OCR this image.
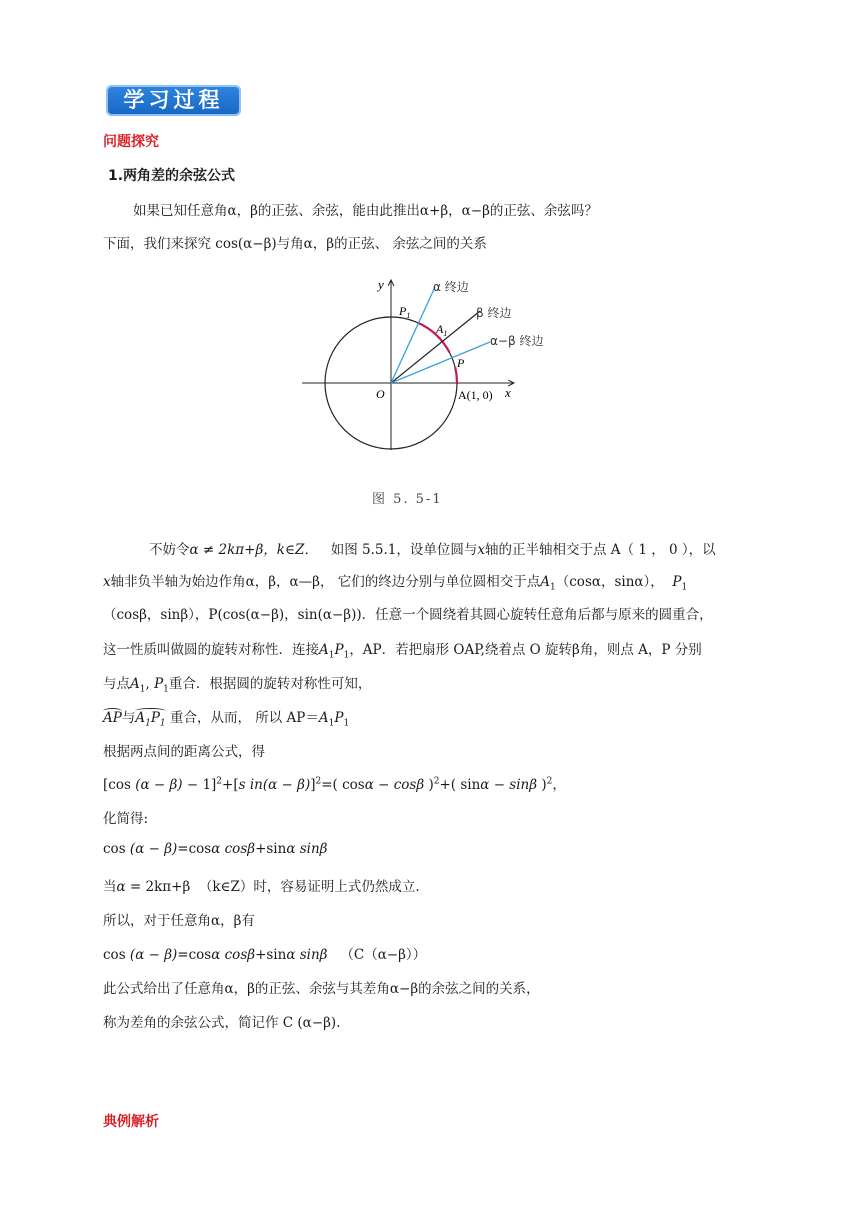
学习过程
问题探究
1.两角差的余弦公式
如果已知任意角α，β的正弦、余弦，能由此推出α+β，α−β的正弦、余弦吗？
下面，我们来探究 cos(α−β)与角α，β的正弦、 余弦之间的关系
y
x
O	A(1, 0)
$P_1$
$A_1$
P
α 终边
β 终边
α−β 终边
图 5. 5-1
不妨令α ≠ 2kπ+β，k∈Z． 如图 5.5.1，设单位圆与x轴的正半轴相交于点 A（ 1 ， 0 ），以
x轴非负半轴为始边作角α，β，α—β， 它们的终边分别与单位圆相交于点$A_1(\cos\alpha$，sinα）， $P_1$
（cosβ，sinβ），P(cos(α−β)，sin(α−β))．任意一个圆绕着其圆心旋转任意角后都与原来的圆重合，
这一性质叫做圆的旋转对称性．连接$A_1P_1$，AP．若把扇形 OAP,绕着点 O 旋转β角，则点 A，P 分别
与点$A_1$, $P_1$重合．根据圆的旋转对称性可知，
AP与$A_1P_1$ 重合，从而， 所以 $AP=A_1P_1$
根据两点间的距离公式，得
[cos (α − β) − 1]$^2$+[s in(α − β)]$^2$=( cosα − cosβ )$^2$+( sinα − sinβ )$^2$，
化简得:
cos (α − β)=cosα cosβ+sinα sinβ
当α = 2kπ+β  （k∈Z）时，容易证明上式仍然成立.
所以，对于任意角α，β有
cos (α − β)=cosα cosβ+sinα sinβ （C（α−β））
此公式给出了任意角α，β的正弦、余弦与其差角α−β的余弦之间的关系，
称为差角的余弦公式，简记作 C (α−β).
典例解析
